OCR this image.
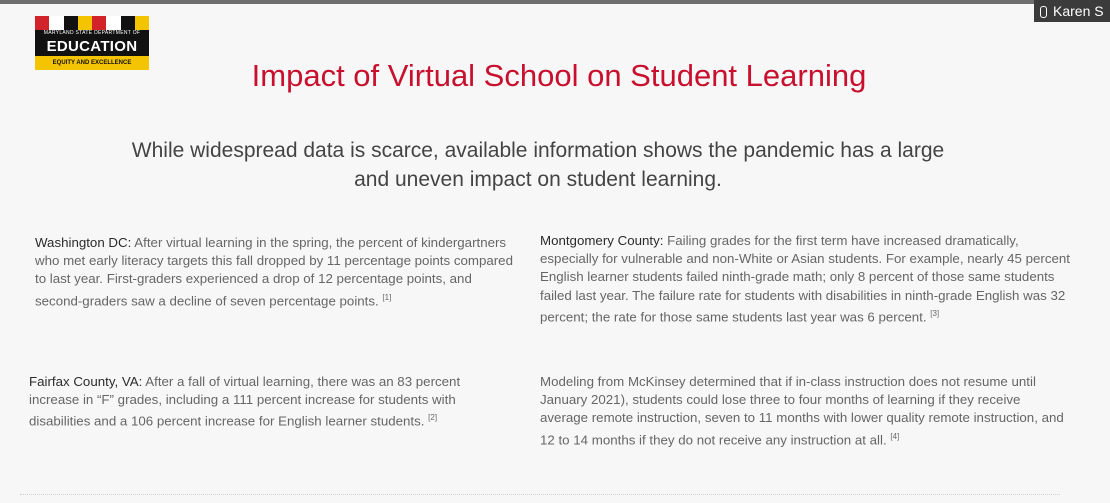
Karen S
MARYLAND STATE DEPARTMENT OF
EDUCATION
EQUITY AND EXCELLENCE	Impact of Virtual School on Student Learning

While widespread data is scarce, available information shows the pandemic has a large and uneven impact on student learning.

Washington DC: After virtual learning in the spring, the percent of kindergartners who met early literacy targets this fall dropped by 11 percentage points compared to last year. First-graders experienced a drop of 12 percentage points, and second-graders saw a decline of seven percentage points. [1]

Montgomery County: Failing grades for the first term have increased dramatically, especially for vulnerable and non-White or Asian students. For example, nearly 45 percent English learner students failed ninth-grade math; only 8 percent of those same students failed last year. The failure rate for students with disabilities in ninth-grade English was 32 percent; the rate for those same students last year was 6 percent. [3]

Fairfax County, VA: After a fall of virtual learning, there was an 83 percent increase in “F” grades, including a 111 percent increase for students with disabilities and a 106 percent increase for English learner students. [2]

Modeling from McKinsey determined that if in-class instruction does not resume until January 2021), students could lose three to four months of learning if they receive average remote instruction, seven to 11 months with lower quality remote instruction, and 12 to 14 months if they do not receive any instruction at all. [4]
